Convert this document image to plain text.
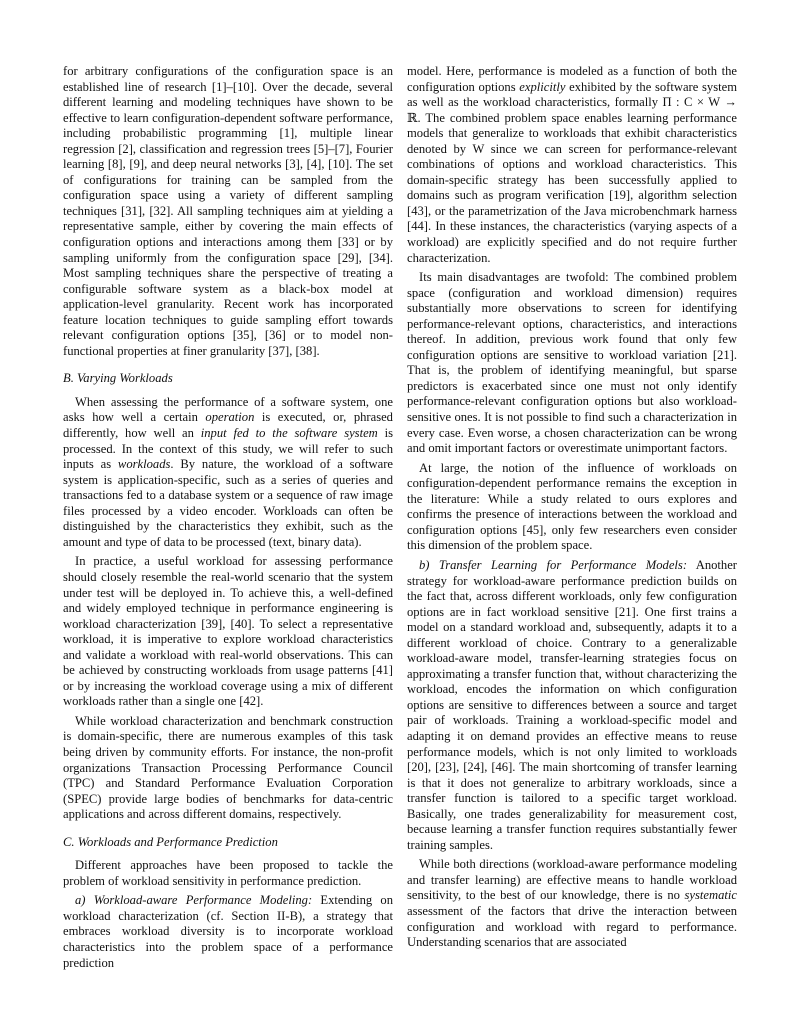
for arbitrary configurations of the configuration space is an established line of research [1]–[10]. Over the decade, several different learning and modeling techniques have shown to be effective to learn configuration-dependent software performance, including probabilistic programming [1], multiple linear regression [2], classification and regression trees [5]–[7], Fourier learning [8], [9], and deep neural networks [3], [4], [10]. The set of configurations for training can be sampled from the configuration space using a variety of different sampling techniques [31], [32]. All sampling techniques aim at yielding a representative sample, either by covering the main effects of configuration options and interactions among them [33] or by sampling uniformly from the configuration space [29], [34]. Most sampling techniques share the perspective of treating a configurable software system as a black-box model at application-level granularity. Recent work has incorporated feature location techniques to guide sampling effort towards relevant configuration options [35], [36] or to model non-functional properties at finer granularity [37], [38].

B. Varying Workloads

When assessing the performance of a software system, one asks how well a certain operation is executed, or, phrased differently, how well an input fed to the software system is processed. In the context of this study, we will refer to such inputs as workloads. By nature, the workload of a software system is application-specific, such as a series of queries and transactions fed to a database system or a sequence of raw image files processed by a video encoder. Workloads can often be distinguished by the characteristics they exhibit, such as the amount and type of data to be processed (text, binary data).

In practice, a useful workload for assessing performance should closely resemble the real-world scenario that the system under test will be deployed in. To achieve this, a well-defined and widely employed technique in performance engineering is workload characterization [39], [40]. To select a representative workload, it is imperative to explore workload characteristics and validate a workload with real-world observations. This can be achieved by constructing workloads from usage patterns [41] or by increasing the workload coverage using a mix of different workloads rather than a single one [42].

While workload characterization and benchmark construction is domain-specific, there are numerous examples of this task being driven by community efforts. For instance, the non-profit organizations Transaction Processing Performance Council (TPC) and Standard Performance Evaluation Corporation (SPEC) provide large bodies of benchmarks for data-centric applications and across different domains, respectively.

C. Workloads and Performance Prediction

Different approaches have been proposed to tackle the problem of workload sensitivity in performance prediction.

a) Workload-aware Performance Modeling: Extending on workload characterization (cf. Section II-B), a strategy that embraces workload diversity is to incorporate workload characteristics into the problem space of a performance prediction

model. Here, performance is modeled as a function of both the configuration options explicitly exhibited by the software system as well as the workload characteristics, formally Π : C × W → ℝ. The combined problem space enables learning performance models that generalize to workloads that exhibit characteristics denoted by W since we can screen for performance-relevant combinations of options and workload characteristics. This domain-specific strategy has been successfully applied to domains such as program verification [19], algorithm selection [43], or the parametrization of the Java microbenchmark harness [44]. In these instances, the characteristics (varying aspects of a workload) are explicitly specified and do not require further characterization.

Its main disadvantages are twofold: The combined problem space (configuration and workload dimension) requires substantially more observations to screen for identifying performance-relevant options, characteristics, and interactions thereof. In addition, previous work found that only few configuration options are sensitive to workload variation [21]. That is, the problem of identifying meaningful, but sparse predictors is exacerbated since one must not only identify performance-relevant configuration options but also workload-sensitive ones. It is not possible to find such a characterization in every case. Even worse, a chosen characterization can be wrong and omit important factors or overestimate unimportant factors.

At large, the notion of the influence of workloads on configuration-dependent performance remains the exception in the literature: While a study related to ours explores and confirms the presence of interactions between the workload and configuration options [45], only few researchers even consider this dimension of the problem space.

b) Transfer Learning for Performance Models: Another strategy for workload-aware performance prediction builds on the fact that, across different workloads, only few configuration options are in fact workload sensitive [21]. One first trains a model on a standard workload and, subsequently, adapts it to a different workload of choice. Contrary to a generalizable workload-aware model, transfer-learning strategies focus on approximating a transfer function that, without characterizing the workload, encodes the information on which configuration options are sensitive to differences between a source and target pair of workloads. Training a workload-specific model and adapting it on demand provides an effective means to reuse performance models, which is not only limited to workloads [20], [23], [24], [46]. The main shortcoming of transfer learning is that it does not generalize to arbitrary workloads, since a transfer function is tailored to a specific target workload. Basically, one trades generalizability for measurement cost, because learning a transfer function requires substantially fewer training samples.

While both directions (workload-aware performance modeling and transfer learning) are effective means to handle workload sensitivity, to the best of our knowledge, there is no systematic assessment of the factors that drive the interaction between configuration and workload with regard to performance. Understanding scenarios that are associated
